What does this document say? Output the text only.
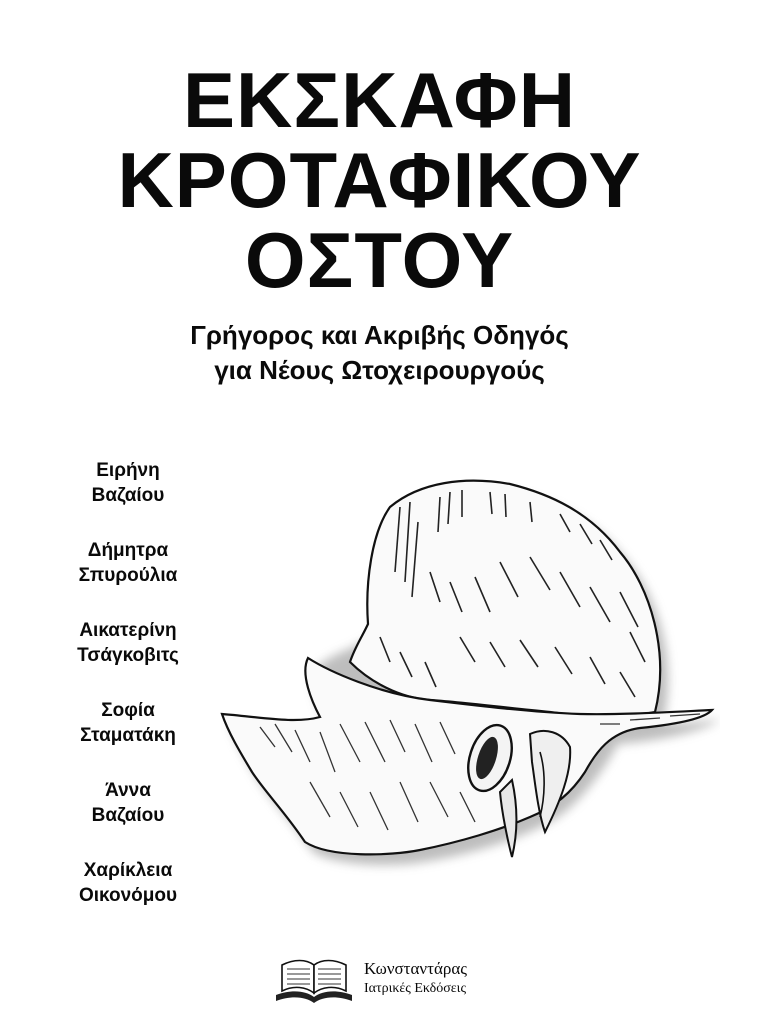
ΕΚΣΚΑΦΗ
ΚΡΟΤΑΦΙΚΟΥ
ΟΣΤΟΥ
Γρήγορος και Ακριβής Οδηγός
για Νέους Ωτοχειρουργούς
Ειρήνη
Βαζαίου
Δήμητρα
Σπυρούλια
Αικατερίνη
Τσάγκοβιτς
Σοφία
Σταματάκη
Άννα
Βαζαίου
Χαρίκλεια
Οικονόμου
Κωνσταντάρας
Ιατρικές Εκδόσεις
